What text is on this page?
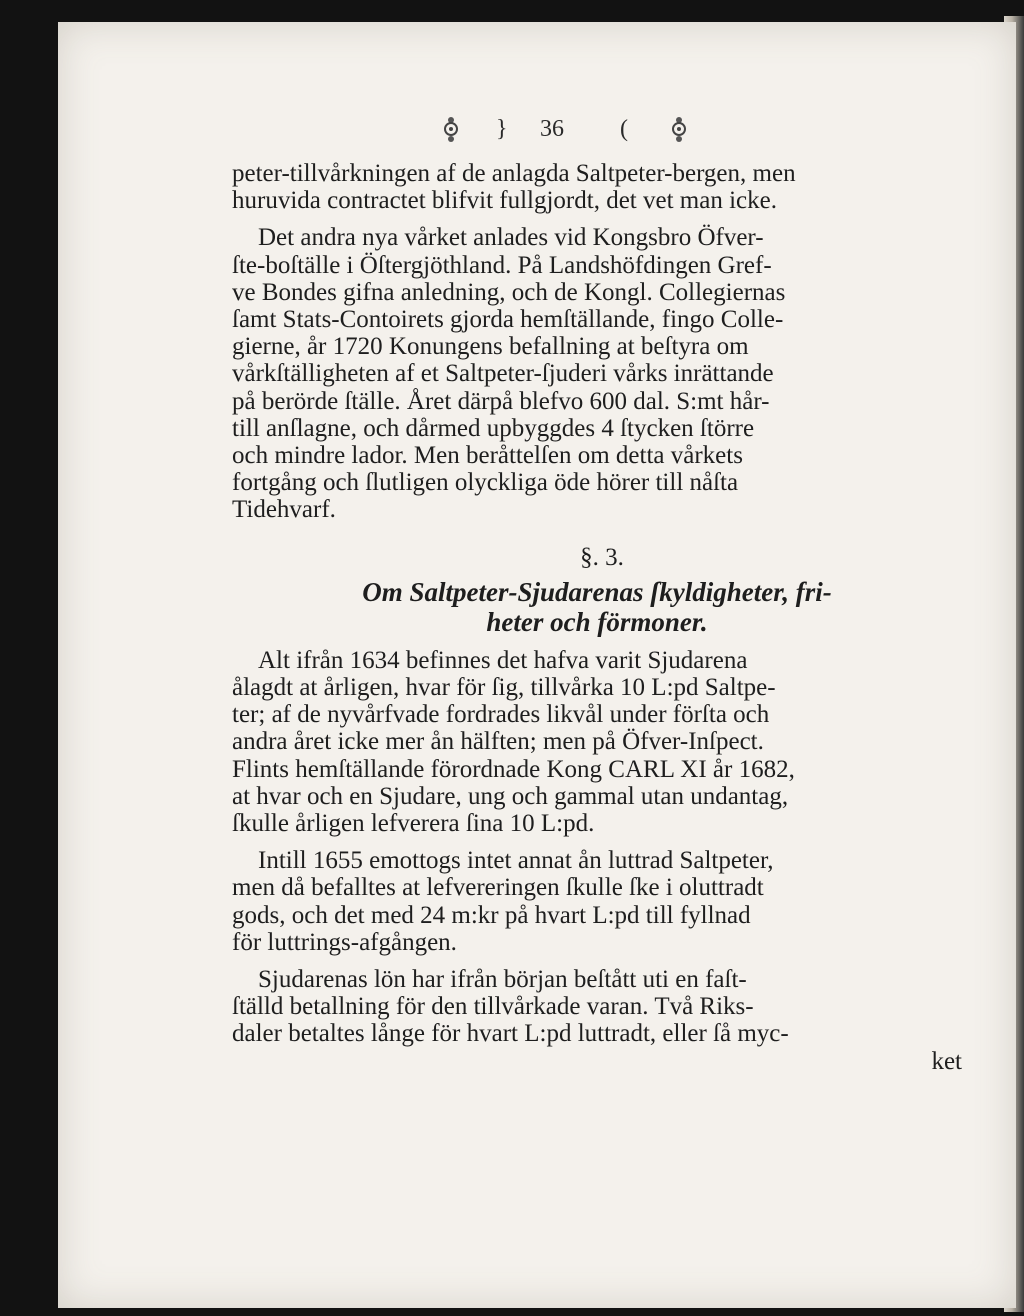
} 36 (
peter-tillvårkningen af de anlagda Saltpeter-bergen, men
huruvida contractet blifvit fullgjordt, det vet man icke.
Det andra nya vårket anlades vid Kongsbro Öfver-
ſte-boſtälle i Öſtergjöthland. På Landshöfdingen Gref-
ve Bondes gifna anledning, och de Kongl. Collegiernas
ſamt Stats-Contoirets gjorda hemſtällande, fingo Colle-
gierne, år 1720 Konungens befallning at beſtyra om
vårkſtälligheten af et Saltpeter-ſjuderi vårks inrättande
på berörde ſtälle. Året därpå blefvo 600 dal. S:mt hår-
till anſlagne, och dårmed upbyggdes 4 ſtycken ſtörre
och mindre lador. Men beråttelſen om detta vårkets
fortgång och ſlutligen olyckliga öde hörer till nåſta
Tidehvarf.
§. 3.
Om Saltpeter-Sjudarenas ſkyldigheter, fri-
heter och förmoner.
Alt ifrån 1634 befinnes det hafva varit Sjudarena
ålagdt at årligen, hvar för ſig, tillvårka 10 L:pd Saltpe-
ter; af de nyvårfvade fordrades likvål under förſta och
andra året icke mer ån hälften; men på Öfver-Inſpect.
Flints hemſtällande förordnade Kong CARL XI år 1682,
at hvar och en Sjudare, ung och gammal utan undantag,
ſkulle årligen lefverera ſina 10 L:pd.
Intill 1655 emottogs intet annat ån luttrad Saltpeter,
men då befalltes at lefvereringen ſkulle ſke i oluttradt
gods, och det med 24 m:kr på hvart L:pd till fyllnad
för luttrings-afgången.
Sjudarenas lön har ifrån början beſtått uti en faſt-
ſtälld betallning för den tillvårkade varan. Två Riks-
daler betaltes långe för hvart L:pd luttradt, eller ſå myc-
ket
